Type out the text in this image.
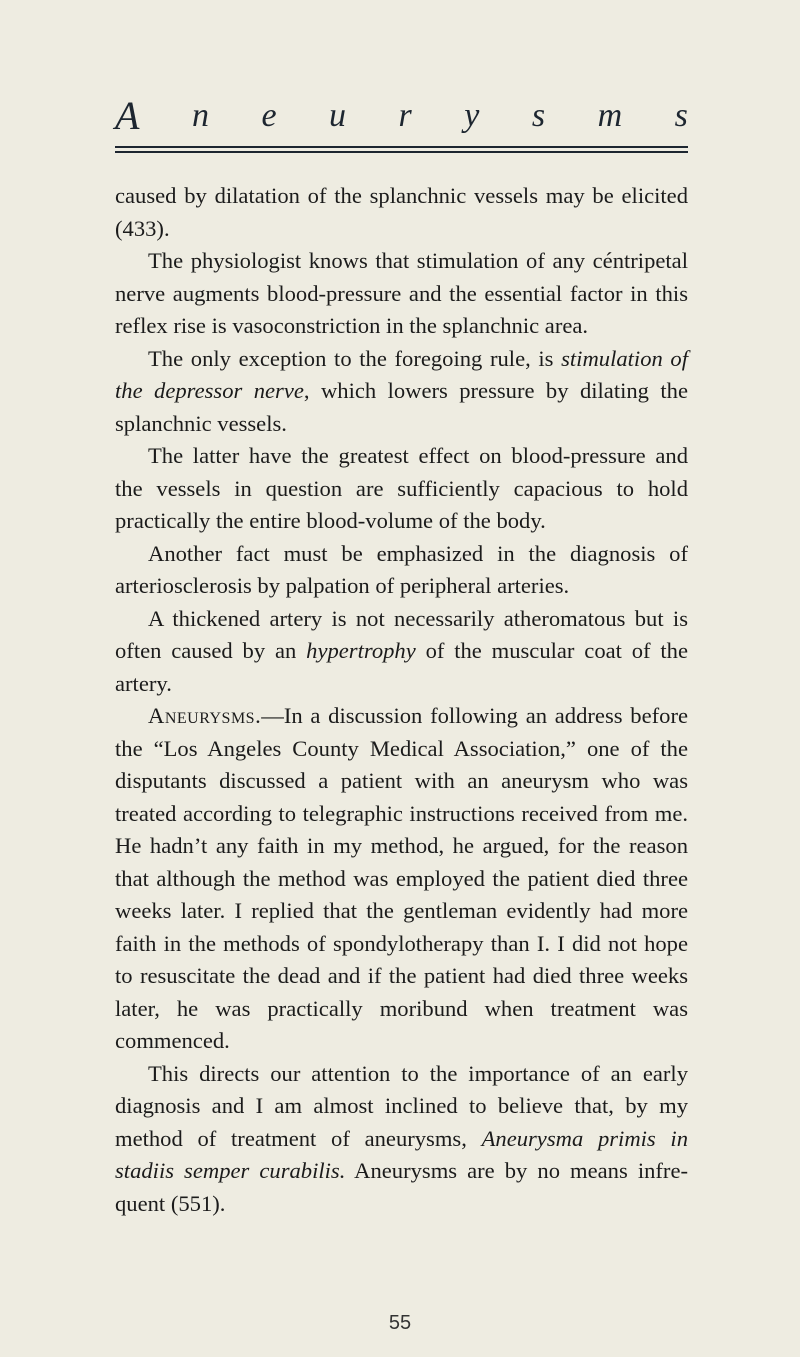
A n e u r y s m s

caused by dilatation of the splanchnic vessels may be elicited (433).

The physiologist knows that stimulation of any céntripetal nerve augments blood-pressure and the essential factor in this reflex rise is vasoconstriction in the splanchnic area.

The only exception to the foregoing rule, is stimulation of the depressor nerve, which lowers pressure by dilating the splanchnic vessels.

The latter have the greatest effect on blood-pressure and the vessels in question are sufficiently capacious to hold practically the entire blood-volume of the body.

Another fact must be emphasized in the diagnosis of arteriosclerosis by palpation of peripheral arteries.

A thickened artery is not necessarily atheromatous but is often caused by an hypertrophy of the muscular coat of the artery.

Aneurysms.—In a discussion following an address before the “Los Angeles County Medical Association,” one of the disputants discussed a patient with an aneurysm who was treated according to telegraphic instructions received from me. He hadn’t any faith in my method, he argued, for the reason that although the method was employed the patient died three weeks later. I replied that the gentleman evidently had more faith in the methods of spondylotherapy than I. I did not hope to resuscitate the dead and if the patient had died three weeks later, he was practically moribund when treatment was commenced.

This directs our attention to the importance of an early diagnosis and I am almost inclined to believe that, by my method of treatment of aneurysms, Aneurysma primis in stadiis semper curabilis. Aneurysms are by no means infrequent (551).

55
